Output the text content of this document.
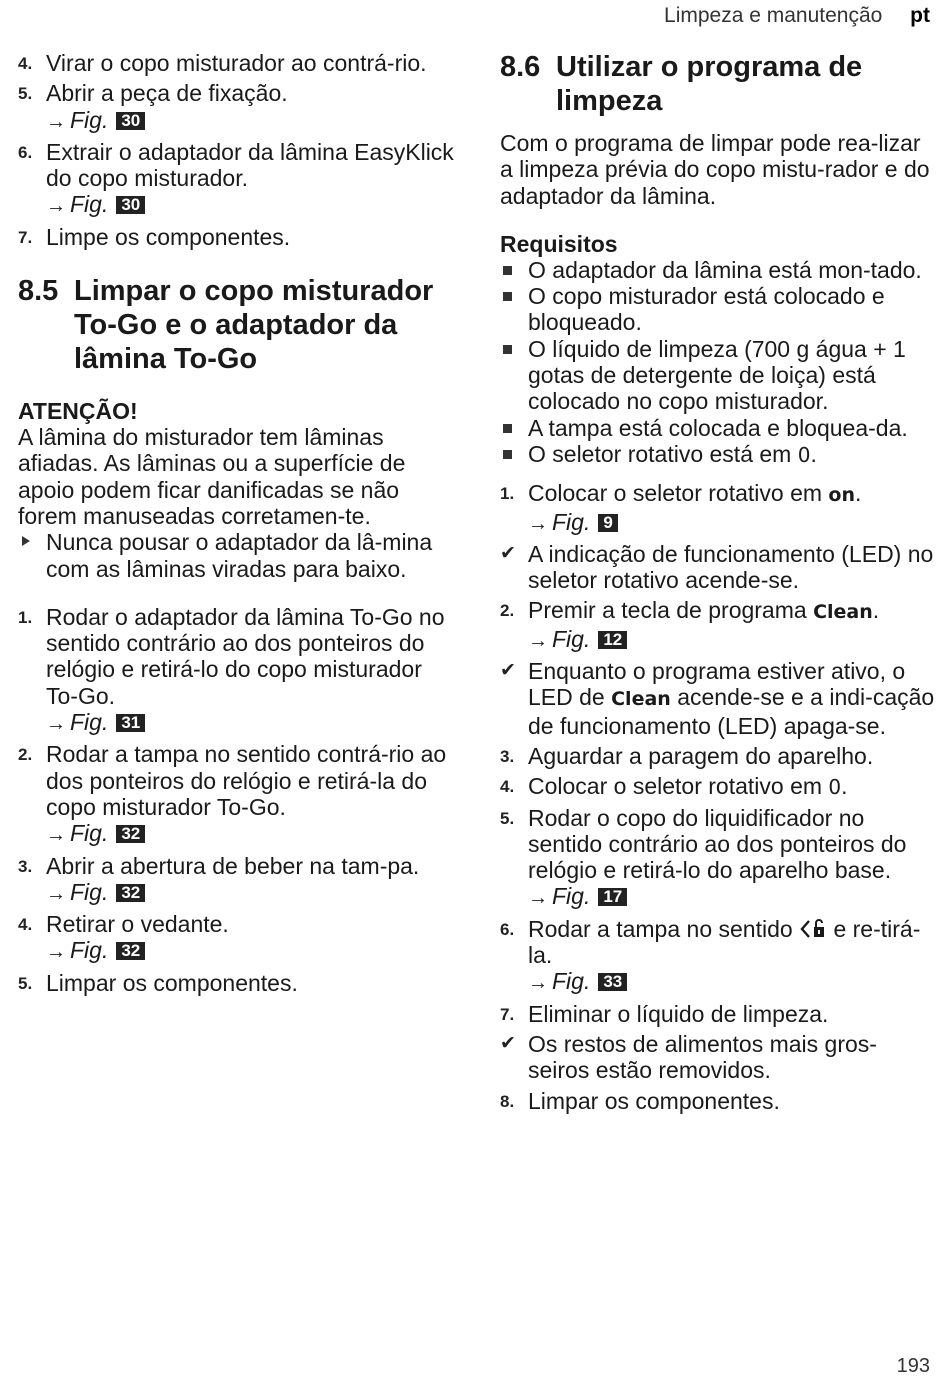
Limpeza e manutenção pt
4. Virar o copo misturador ao contrá-rio.
5. Abrir a peça de fixação.
→ Fig. 30
6. Extrair o adaptador da lâmina EasyKlick do copo misturador.
→ Fig. 30
7. Limpe os componentes.
8.5 Limpar o copo misturador To-Go e o adaptador da lâmina To-Go
ATENÇÃO!
A lâmina do misturador tem lâminas afiadas. As lâminas ou a superfície de apoio podem ficar danificadas se não forem manuseadas corretamen-te.
Nunca pousar o adaptador da lâ-mina com as lâminas viradas para baixo.
1. Rodar o adaptador da lâmina To-Go no sentido contrário ao dos ponteiros do relógio e retirá-lo do copo misturador To-Go.
→ Fig. 31
2. Rodar a tampa no sentido contrá-rio ao dos ponteiros do relógio e retirá-la do copo misturador To-Go.
→ Fig. 32
3. Abrir a abertura de beber na tam-pa.
→ Fig. 32
4. Retirar o vedante.
→ Fig. 32
5. Limpar os componentes.
8.6 Utilizar o programa de limpeza
Com o programa de limpar pode rea-lizar a limpeza prévia do copo mistu-rador e do adaptador da lâmina.
Requisitos
O adaptador da lâmina está mon-tado.
O copo misturador está colocado e bloqueado.
O líquido de limpeza (700 g água + 1 gotas de detergente de loiça) está colocado no copo misturador.
A tampa está colocada e bloquea-da.
O seletor rotativo está em 0.
1. Colocar o seletor rotativo em on.
→ Fig. 9
✔ A indicação de funcionamento (LED) no seletor rotativo acende-se.
2. Premir a tecla de programa Clean.
→ Fig. 12
✔ Enquanto o programa estiver ativo, o LED de Clean acende-se e a indi-cação de funcionamento (LED) apaga-se.
3. Aguardar a paragem do aparelho.
4. Colocar o seletor rotativo em 0.
5. Rodar o copo do liquidificador no sentido contrário ao dos ponteiros do relógio e retirá-lo do aparelho base.
→ Fig. 17
6. Rodar a tampa no sentido e re-tirá-la.
→ Fig. 33
7. Eliminar o líquido de limpeza.
✔ Os restos de alimentos mais gros-seiros estão removidos.
8. Limpar os componentes.
193
